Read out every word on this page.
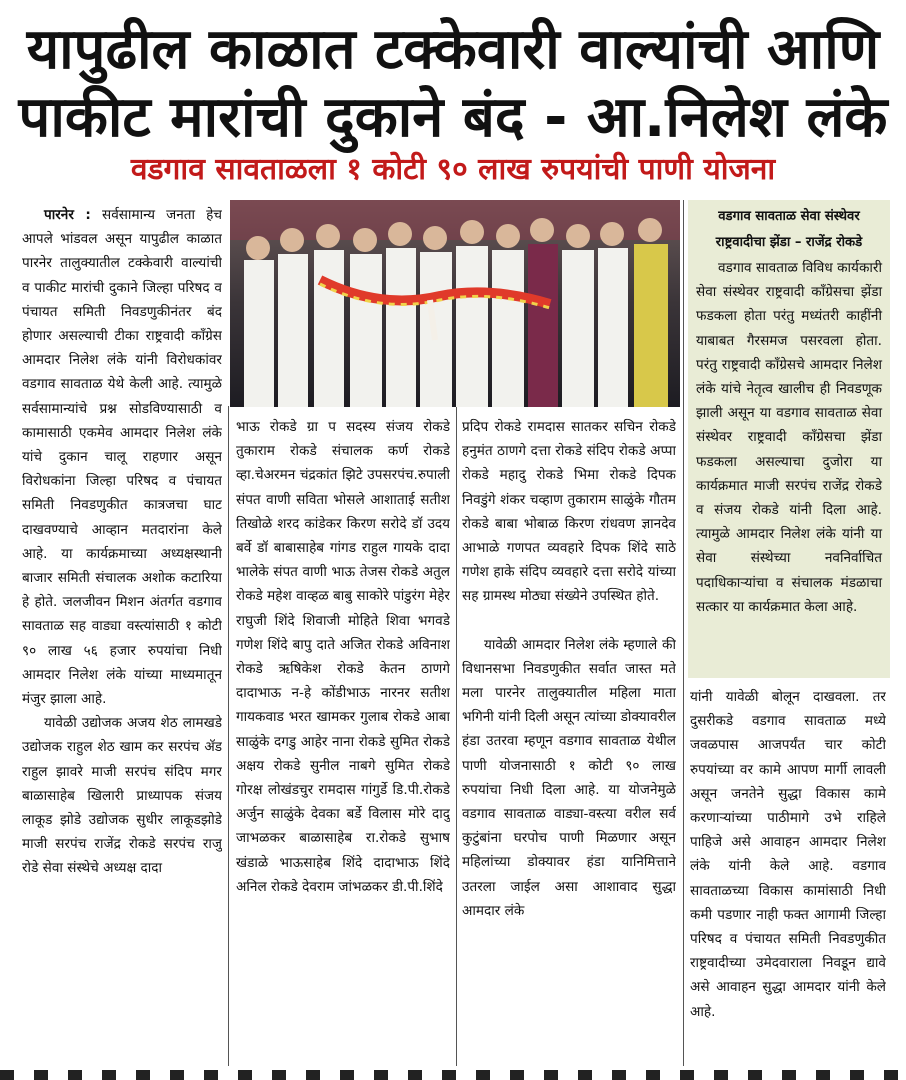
यापुढील काळात टक्केवारी वाल्यांची आणि
पाकीट मारांची दुकाने बंद - आ.निलेश लंके
वडगाव सावताळला १ कोटी ९० लाख रुपयांची पाणी योजना

पारनेर : सर्वसामान्य जनता हेच आपले भांडवल असून यापुढील काळात पारनेर तालुक्यातील टक्केवारी वाल्यांची व पाकीट मारांची दुकाने जिल्हा परिषद व पंचायत समिती निवडणुकीनंतर बंद होणार असल्याची टीका राष्ट्रवादी काँग्रेस आमदार निलेश लंके यांनी विरोधकांवर वडगाव सावताळ येथे केली आहे. त्यामुळे सर्वसामान्यांचे प्रश्न सोडविण्यासाठी व कामासाठी एकमेव आमदार निलेश लंके यांचे दुकान चालू राहणार असून विरोधकांना जिल्हा परिषद व पंचायत समिती निवडणुकीत कात्रजचा घाट दाखवण्याचे आव्हान मतदारांना केले आहे. या कार्यक्रमाच्या अध्यक्षस्थानी बाजार समिती संचालक अशोक कटारिया हे होते. जलजीवन मिशन अंतर्गत वडगाव सावताळ सह वाड्या वस्त्यांसाठी १ कोटी ९० लाख ५६ हजार रुपयांचा निधी आमदार निलेश लंके यांच्या माध्यमातून मंजुर झाला आहे.

यावेळी उद्योजक अजय शेठ लामखडे उद्योजक राहुल शेठ खाम कर सरपंच ॲड राहुल झावरे माजी सरपंच संदिप मगर बाळासाहेब खिलारी प्राध्यापक संजय लाकूड झोडे उद्योजक सुधीर लाकूडझोडे माजी सरपंच राजेंद्र रोकडे सरपंच राजु रोडे सेवा संस्थेचे अध्यक्ष दादा

वडगाव सावताळ सेवा संस्थेवर राष्ट्रवादीचा झेंडा – राजेंद्र रोकडे

वडगाव सावताळ विविध कार्यकारी सेवा संस्थेवर राष्ट्रवादी काँग्रेसचा झेंडा फडकला होता परंतु मध्यंतरी काहींनी याबाबत गैरसमज पसरवला होता. परंतु राष्ट्रवादी काँग्रेसचे आमदार निलेश लंके यांचे नेतृत्व खालीच ही निवडणूक झाली असून या वडगाव सावताळ सेवा संस्थेवर राष्ट्रवादी काँग्रेसचा झेंडा फडकला असल्याचा दुजोरा या कार्यक्रमात माजी सरपंच राजेंद्र रोकडे व संजय रोकडे यांनी दिला आहे. त्यामुळे आमदार निलेश लंके यांनी या सेवा संस्थेच्या नवनिर्वाचित पदाधिकाऱ्यांचा व संचालक मंडळाचा सत्कार या कार्यक्रमात केला आहे.

भाऊ रोकडे ग्रा प सदस्य संजय रोकडे तुकाराम रोकडे संचालक कर्ण रोकडे व्हा.चेअरमन चंद्रकांत झिटे उपसरपंच.रुपाली संपत वाणी सविता भोसले आशाताई सतीश तिखोळे शरद कांडेकर किरण सरोदे डॉ उदय बर्वे डॉ बाबासाहेब गांगड राहुल गायके दादा भालेके संपत वाणी भाऊ तेजस रोकडे अतुल रोकडे महेश वाव्हळ बाबु साकोरे पांडुरंग मेहेर राघुजी शिंदे शिवाजी मोहिते शिवा भगवडे गणेश शिंदे बापु दाते अजित रोकडे अविनाश रोकडे ऋषिकेश रोकडे केतन ठाणगे दादाभाऊ न-हे कोंडीभाऊ नारनर सतीश गायकवाड भरत खामकर गुलाब रोकडे आबा साळुंके दगडु आहेर नाना रोकडे सुमित रोकडे अक्षय रोकडे सुनील नाबगे सुमित रोकडे गोरक्ष लोखंडचुर रामदास गांगुर्डे डि.पी.रोकडे अर्जुन साळुंके देवका बर्डे विलास मोरे दादु जाभळकर बाळासाहेब रा.रोकडे सुभाष खंडाळे भाऊसाहेब शिंदे दादाभाऊ शिंदे अनिल रोकडे देवराम जांभळकर डी.पी.शिंदे

प्रदिप रोकडे रामदास सातकर सचिन रोकडे हनुमंत ठाणगे दत्ता रोकडे संदिप रोकडे अप्पा रोकडे महादु रोकडे भिमा रोकडे दिपक निवडुंगे शंकर चव्हाण तुकाराम साळुंके गौतम रोकडे बाबा भोबाळ किरण रांधवण ज्ञानदेव आभाळे गणपत व्यवहारे दिपक शिंदे साठे गणेश हाके संदिप व्यवहारे दत्ता सरोदे यांच्या सह ग्रामस्थ मोठ्या संख्येने उपस्थित होते.

यावेळी आमदार निलेश लंके म्हणाले की विधानसभा निवडणुकीत सर्वात जास्त मते मला पारनेर तालुक्यातील महिला माता भगिनी यांनी दिली असून त्यांच्या डोक्यावरील हंडा उतरवा म्हणून वडगाव सावताळ येथील पाणी योजनासाठी १ कोटी ९० लाख रुपयांचा निधी दिला आहे. या योजनेमुळे वडगाव सावताळ वाड्या-वस्त्या वरील सर्व कुटुंबांना घरपोच पाणी मिळणार असून महिलांच्या डोक्यावर हंडा यानिमित्ताने उतरला जाईल असा आशावाद सुद्धा आमदार लंके

यांनी यावेळी बोलून दाखवला. तर दुसरीकडे वडगाव सावताळ मध्ये जवळपास आजपर्यंत चार कोटी रुपयांच्या वर कामे आपण मार्गी लावली असून जनतेने सुद्धा विकास कामे करणाऱ्यांच्या पाठीमागे उभे राहिले पाहिजे असे आवाहन आमदार निलेश लंके यांनी केले आहे. वडगाव सावताळच्या विकास कामांसाठी निधी कमी पडणार नाही फक्त आगामी जिल्हा परिषद व पंचायत समिती निवडणुकीत राष्ट्रवादीच्या उमेदवाराला निवडून द्यावे असे आवाहन सुद्धा आमदार यांनी केले आहे.
